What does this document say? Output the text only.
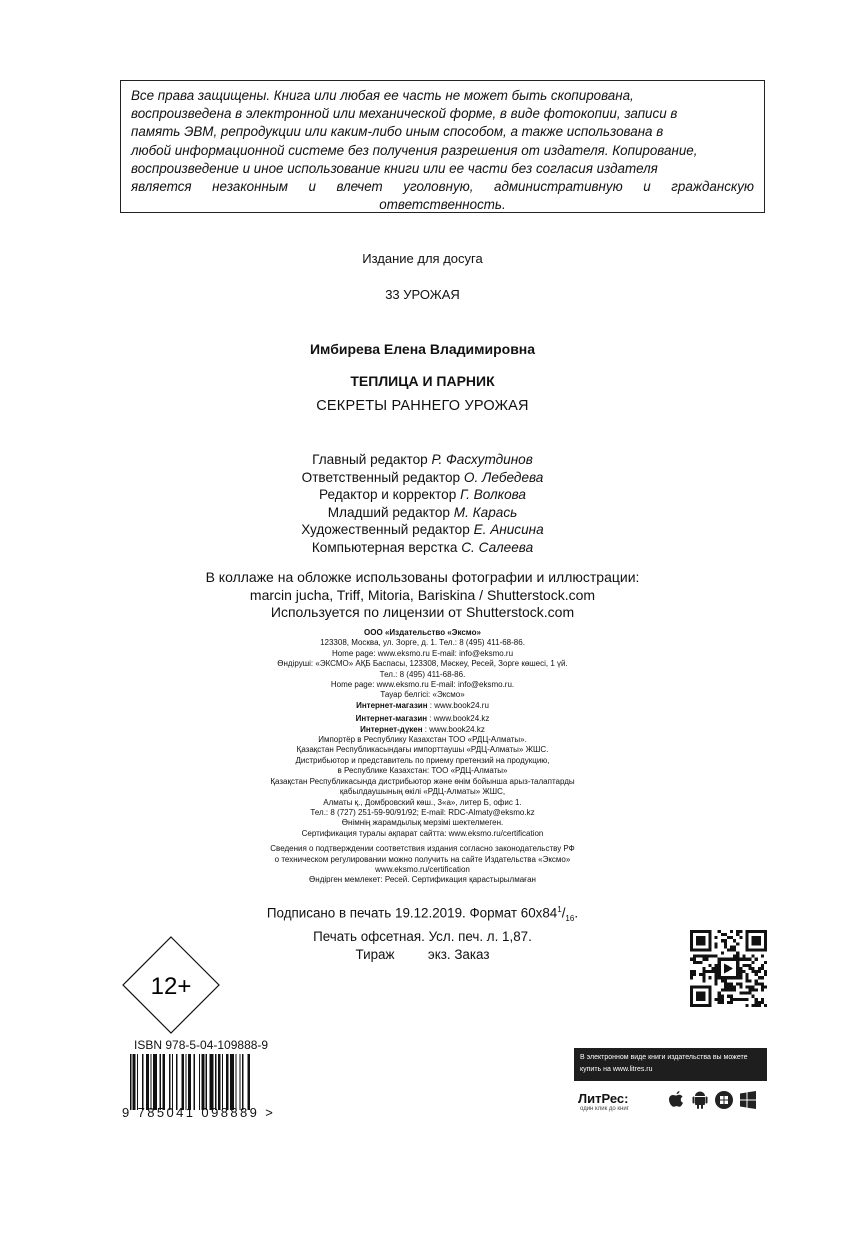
Все права защищены. Книга или любая ее часть не может быть скопирована,
воспроизведена в электронной или механической форме, в виде фотокопии, записи в
память ЭВМ, репродукции или каким-либо иным способом, а также использована в
любой информационной системе без получения разрешения от издателя. Копирование,
воспроизведение и иное использование книги или ее части без согласия издателя
является незаконным и влечет уголовную, административную и гражданскую
ответственность.
Издание для досуга
33 УРОЖАЯ
Имбирева Елена Владимировна
ТЕПЛИЦА И ПАРНИК
СЕКРЕТЫ РАННЕГО УРОЖАЯ
Главный редактор Р. Фасхутдинов
Ответственный редактор О. Лебедева
Редактор и корректор Г. Волкова
Младший редактор М. Карась
Художественный редактор Е. Анисина
Компьютерная верстка С. Салеева
В коллаже на обложке использованы фотографии и иллюстрации:
marcin jucha, Triff, Mitoria, Bariskina / Shutterstock.com
Используется по лицензии от Shutterstock.com
ООО «Издательство «Эксмо»
123308, Москва, ул. Зорге, д. 1. Тел.: 8 (495) 411-68-86.
Home page: www.eksmo.ru E-mail: info@eksmo.ru
Өндіруші: «ЭКСМО» АҚБ Баспасы, 123308, Мәскеу, Ресей, Зорге көшесі, 1 үй.
Тел.: 8 (495) 411-68-86.
Home page: www.eksmo.ru E-mail: info@eksmo.ru.
Тауар белгісі: «Эксмо»
Интернет-магазин : www.book24.ru
Интернет-магазин : www.book24.kz
Интернет-дүкен : www.book24.kz
Импортёр в Республику Казахстан ТОО «РДЦ-Алматы».
Қазақстан Республикасындағы импорттаушы «РДЦ-Алматы» ЖШС.
Дистрибьютор и представитель по приему претензий на продукцию,
в Республике Казахстан: ТОО «РДЦ-Алматы»
Қазақстан Республикасында дистрибьютор және өнім бойынша арыз-талаптарды
қабылдаушының өкілі «РДЦ-Алматы» ЖШС,
Алматы қ., Домбровский көш., 3«а», литер Б, офис 1.
Тел.: 8 (727) 251-59-90/91/92; E-mail: RDC-Almaty@eksmo.kz
Өнімнің жарамдылық мерзімі шектелмеген.
Сертификация туралы ақпарат сайтта: www.eksmo.ru/certification
Сведения о подтверждении соответствия издания согласно законодательству РФ
о техническом регулировании можно получить на сайте Издательства «Эксмо»
www.eksmo.ru/certification
Өндірген мемлекет: Ресей. Сертификация қарастырылмаған
Подписано в печать 19.12.2019. Формат $60х84^1/_{16}$.
Печать офсетная. Усл. печ. л. 1,87.
Тираж         экз. Заказ
12+
ISBN 978-5-04-109888-9
9 785041 098889 >
В электронном виде книги издательства вы можете
купить на www.litres.ru
ЛитРес:
один клик до книг
